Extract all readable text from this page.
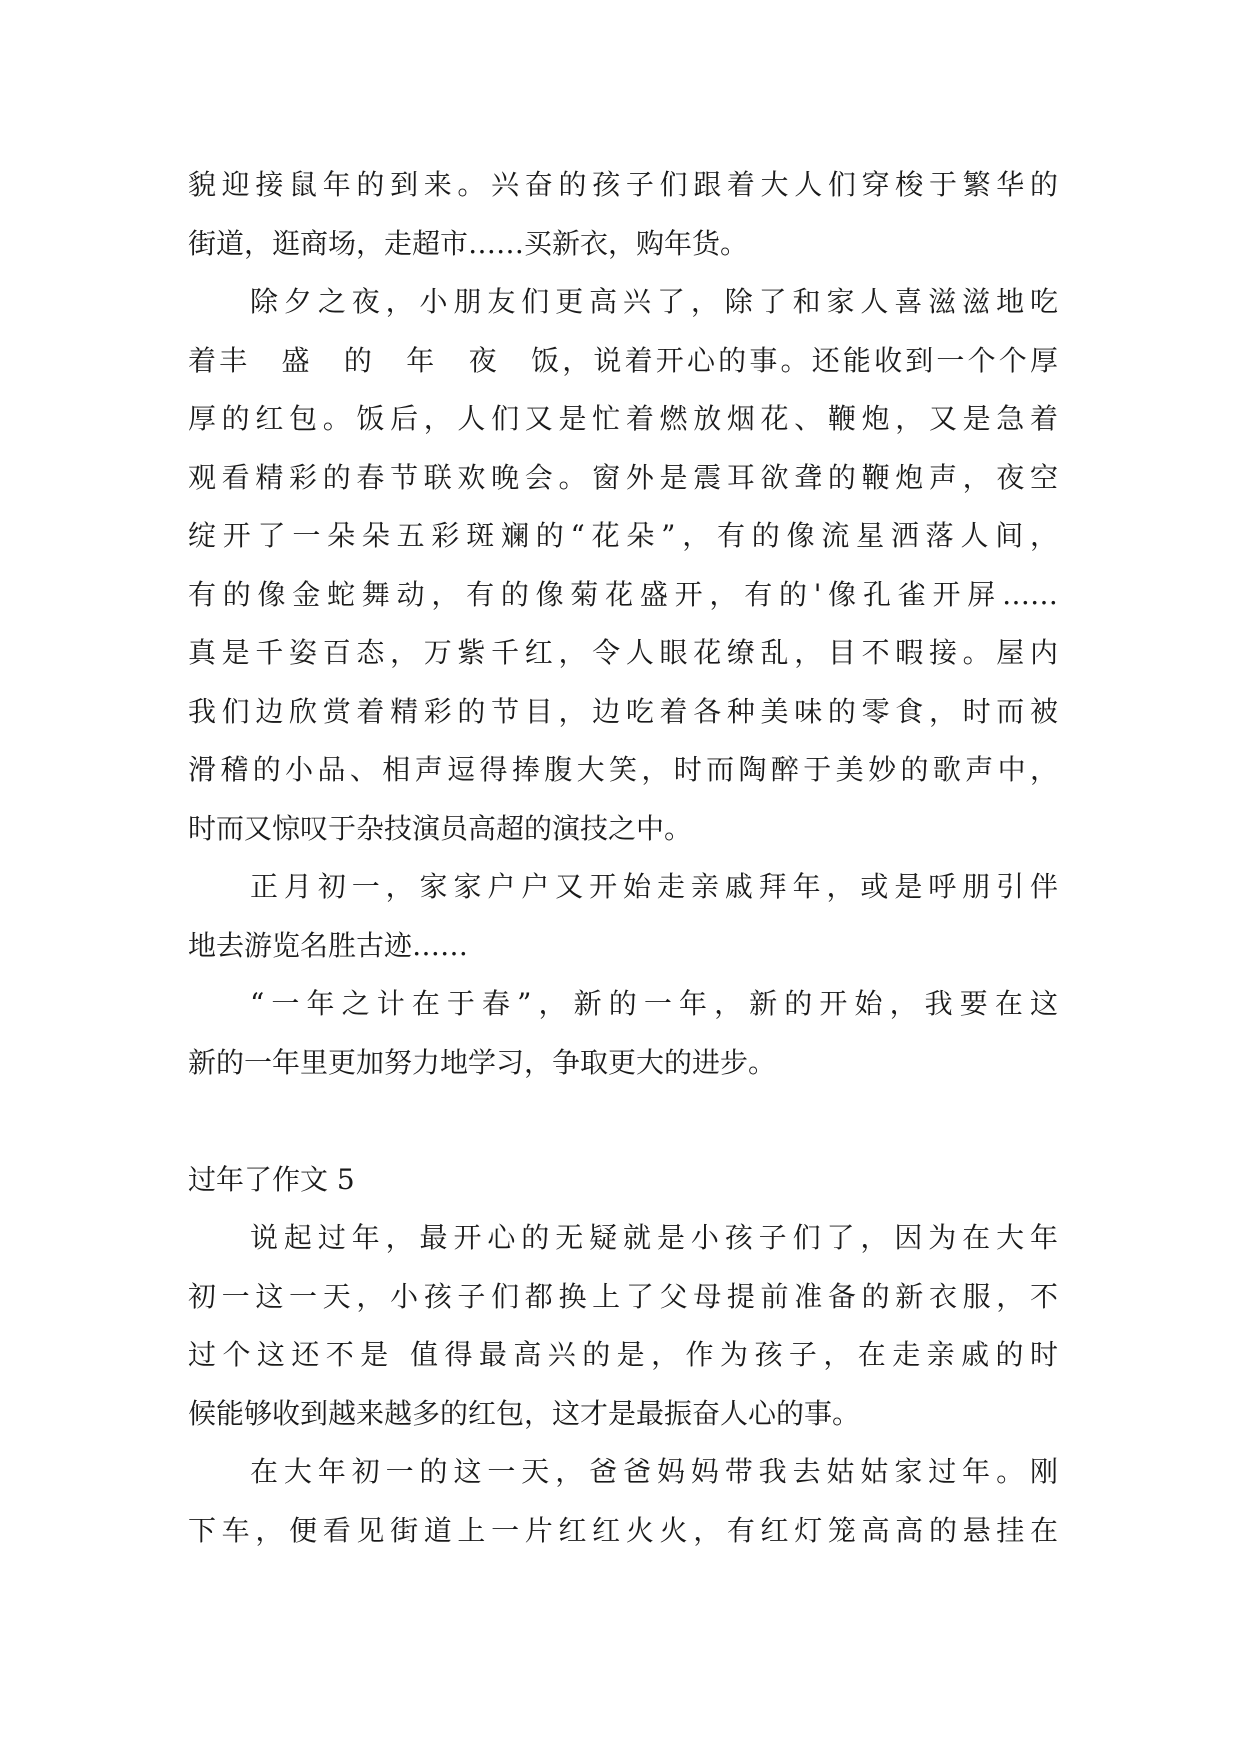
貌迎接鼠年的到来。兴奋的孩子们跟着大人们穿梭于繁华的
街道，逛商场，走超市……买新衣，购年货。
除夕之夜，小朋友们更高兴了，除了和家人喜滋滋地吃
着丰　盛　的　年　夜　饭，说着开心的事。还能收到一个个厚
厚的红包。饭后，人们又是忙着燃放烟花、鞭炮，又是急着
观看精彩的春节联欢晚会。窗外是震耳欲聋的鞭炮声，夜空
绽开了一朵朵五彩斑斓的“花朵”，有的像流星洒落人间，
有的像金蛇舞动，有的像菊花盛开，有的'像孔雀开屏……
真是千姿百态，万紫千红，令人眼花缭乱，目不暇接。屋内
我们边欣赏着精彩的节目，边吃着各种美味的零食，时而被
滑稽的小品、相声逗得捧腹大笑，时而陶醉于美妙的歌声中，
时而又惊叹于杂技演员高超的演技之中。
正月初一，家家户户又开始走亲戚拜年，或是呼朋引伴
地去游览名胜古迹……
“一年之计在于春”，新的一年，新的开始，我要在这
新的一年里更加努力地学习，争取更大的进步。
过年了作文 5
说起过年，最开心的无疑就是小孩子们了，因为在大年
初一这一天，小孩子们都换上了父母提前准备的新衣服，不
过个这还不是 值得最高兴的是，作为孩子，在走亲戚的时
候能够收到越来越多的红包，这才是最振奋人心的事。
在大年初一的这一天，爸爸妈妈带我去姑姑家过年。刚
下车，便看见街道上一片红红火火，有红灯笼高高的悬挂在
